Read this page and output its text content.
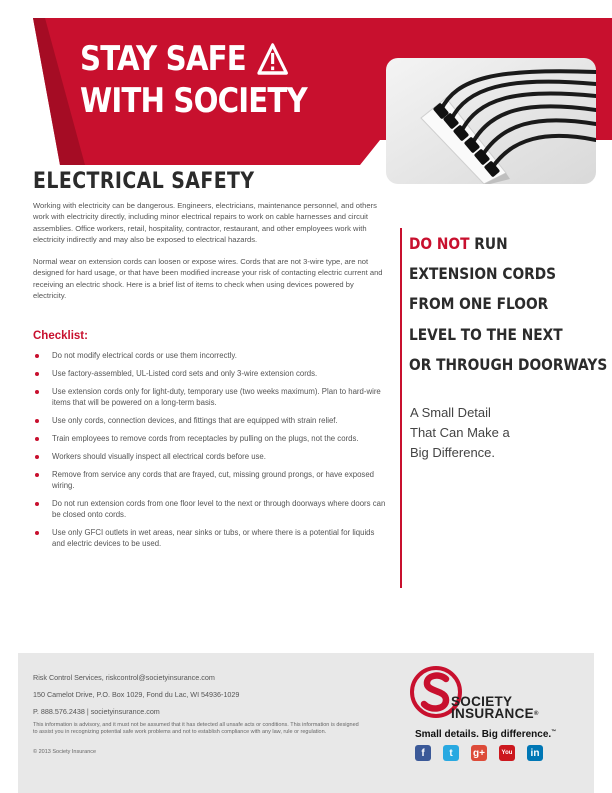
STAY SAFE
WITH SOCIETY
ELECTRICAL SAFETY

Working with electricity can be dangerous. Engineers, electricians, maintenance personnel, and others work with electricity directly, including minor electrical repairs to work on cable harnesses and circuit assemblies. Office workers, retail, hospitality, contractor, restaurant, and other employees work with electricity indirectly and may also be exposed to electrical hazards.

Normal wear on extension cords can loosen or expose wires. Cords that are not 3-wire type, are not designed for hard usage, or that have been modified increase your risk of contacting electric current and receiving an electric shock. Here is a brief list of items to check when using devices powered by electricity.

Checklist:
Do not modify electrical cords or use them incorrectly.
Use factory-assembled, UL-Listed cord sets and only 3-wire extension cords.
Use extension cords only for light-duty, temporary use (two weeks maximum). Plan to hard-wire items that will be powered on a long-term basis.
Use only cords, connection devices, and fittings that are equipped with strain relief.
Train employees to remove cords from receptacles by pulling on the plugs, not the cords.
Workers should visually inspect all electrical cords before use.
Remove from service any cords that are frayed, cut, missing ground prongs, or have exposed wiring.
Do not run extension cords from one floor level to the next or through doorways where doors can be closed onto cords.
Use only GFCI outlets in wet areas, near sinks or tubs, or where there is a potential for liquids and electric devices to be used.
DO NOT RUN
EXTENSION CORDS
FROM ONE FLOOR
LEVEL TO THE NEXT
OR THROUGH DOORWAYS
A Small Detail
That Can Make a
Big Difference.
Risk Control Services, riskcontrol@societyinsurance.com
150 Camelot Drive, P.O. Box 1029, Fond du Lac, WI 54936-1029
P. 888.576.2438 | societyinsurance.com
This information is advisory, and it must not be assumed that it has detected all unsafe acts or conditions. This information is designed to assist you in recognizing potential safe work problems and not to establish compliance with any law, rule or regulation.
© 2013 Society Insurance
SOCIETY
INSURANCE®
Small details. Big difference.™
f	t	g+	You	in
